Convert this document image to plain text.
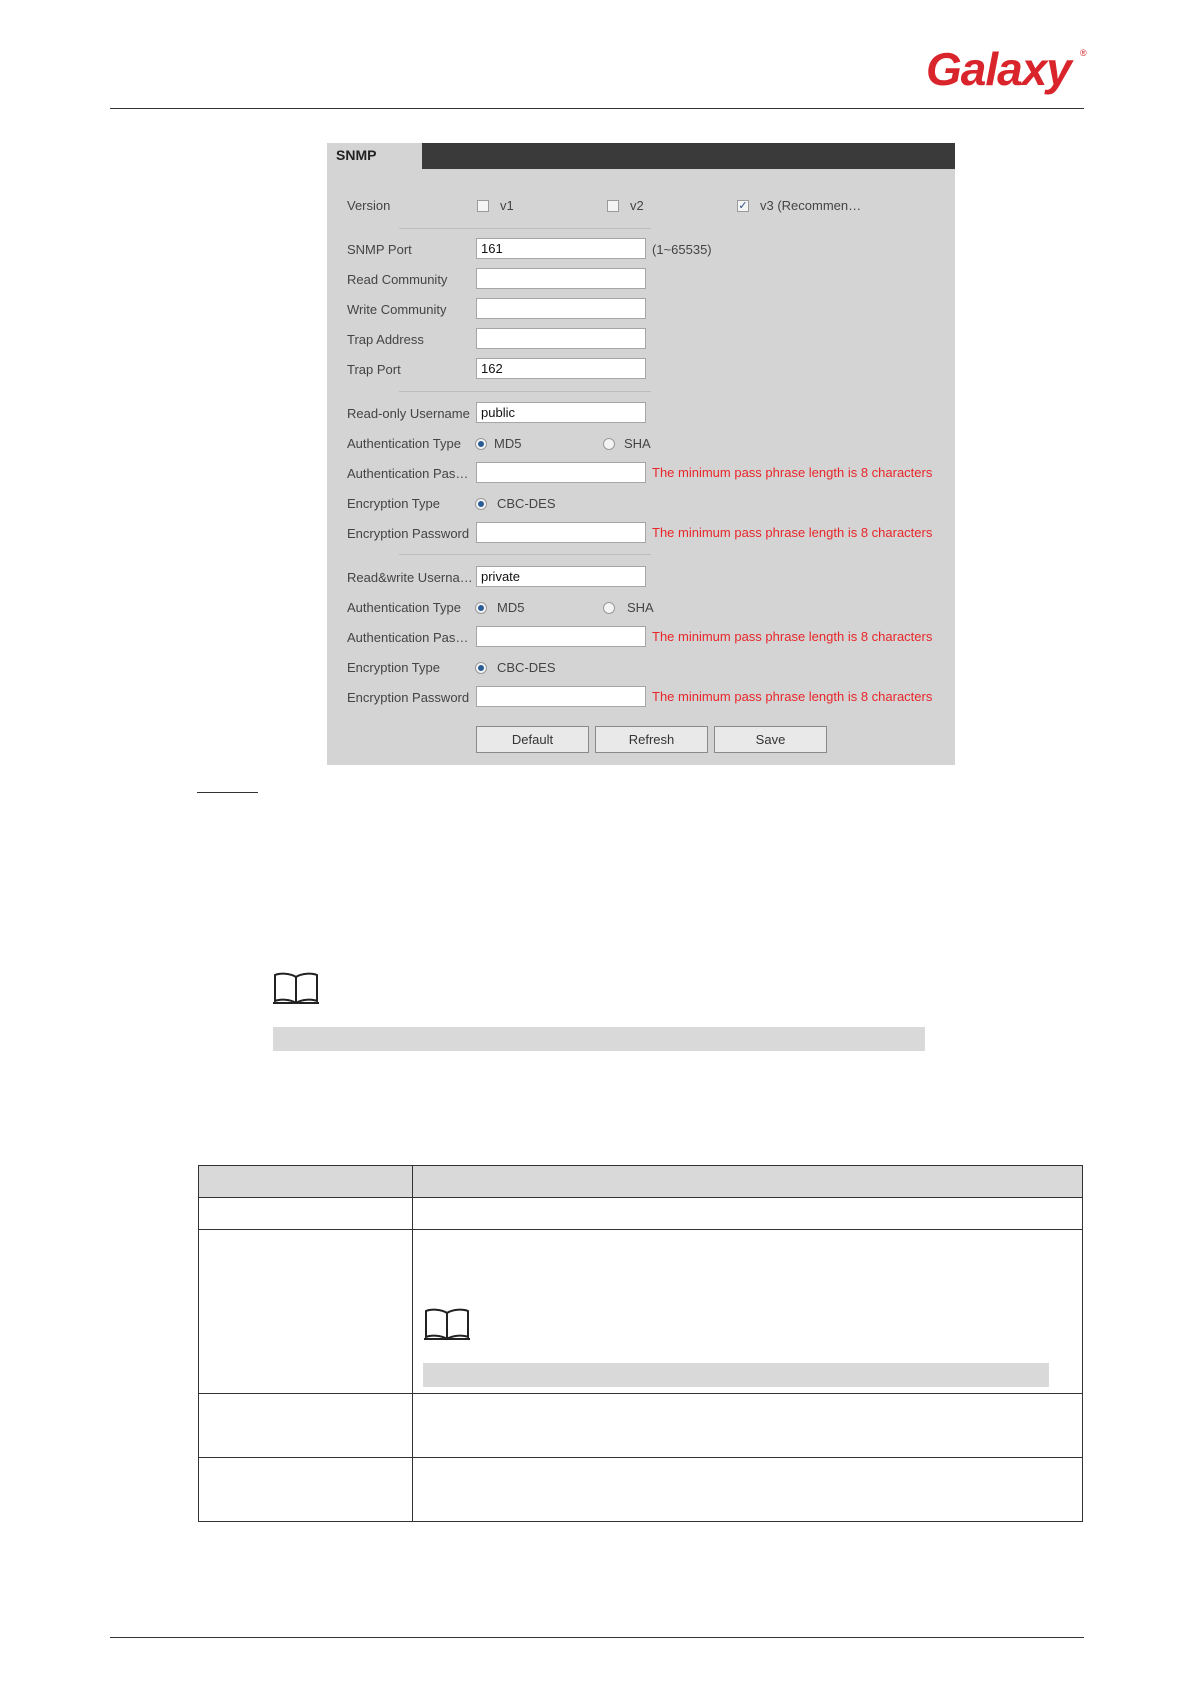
Galaxy ®
SNMP
Version	v1	v2	✓ v3 (Recommen…
SNMP Port	161	(1~65535)
Read Community
Write Community
Trap Address
Trap Port	162
Read-only Username public
Authentication Type	MD5	SHA
Authentication Pas…	The minimum pass phrase length is 8 characters
Encryption Type	CBC-DES
Encryption Password	The minimum pass phrase length is 8 characters
Read&write Userna… private
Authentication Type	MD5	SHA
Authentication Pas…	The minimum pass phrase length is 8 characters
Encryption Type	CBC-DES
Encryption Password	The minimum pass phrase length is 8 characters
Default	Refresh	Save
